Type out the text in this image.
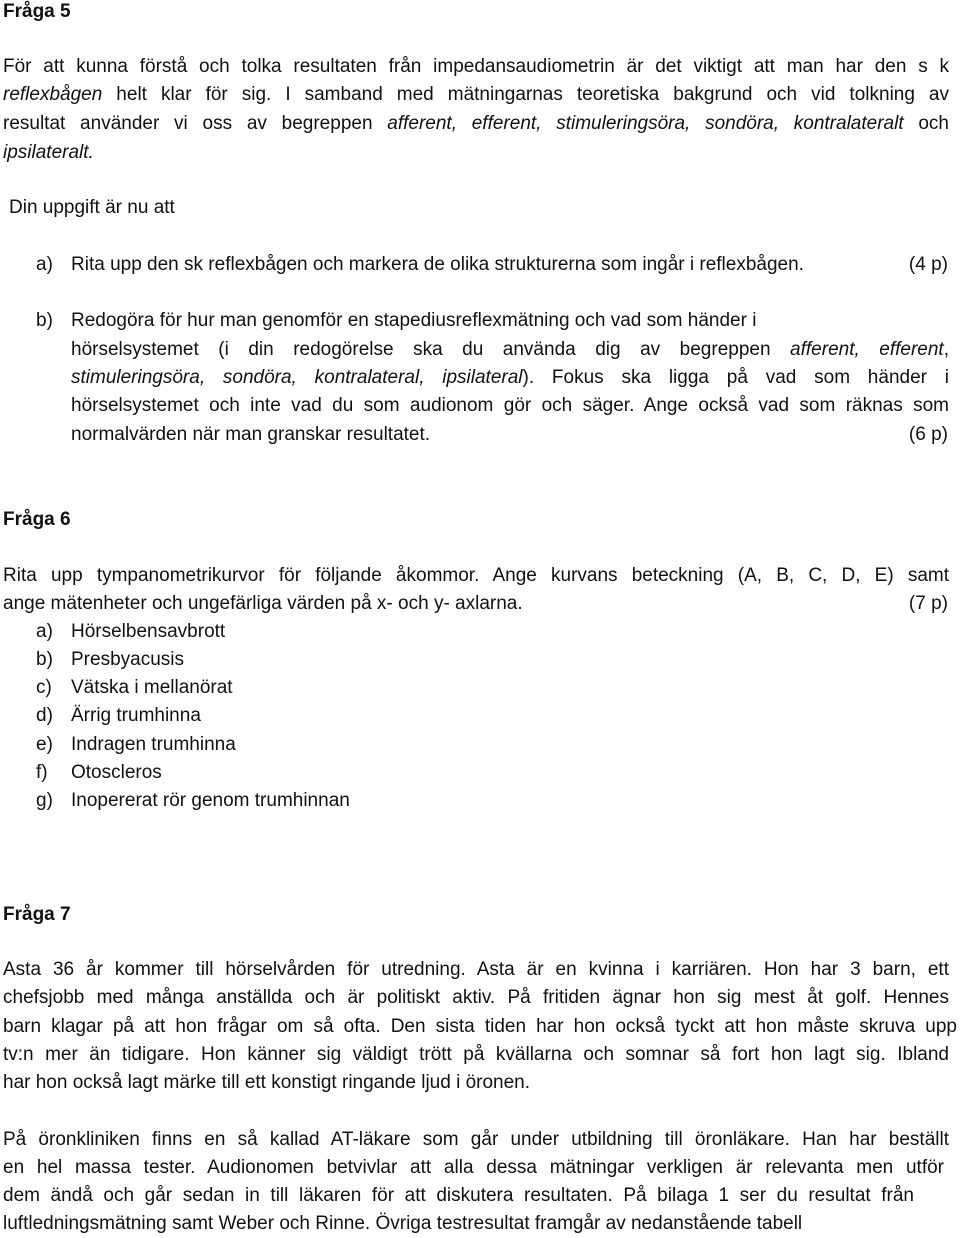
Fråga 5
För att kunna förstå och tolka resultaten från impedansaudiometrin är det viktigt att man har den s k
reflexbågen helt klar för sig. I samband med mätningarnas teoretiska bakgrund och vid tolkning av
resultat använder vi oss av begreppen afferent, efferent, stimuleringsöra, sondöra, kontralateralt och
ipsilateralt.
Din uppgift är nu att
a) Rita upp den sk reflexbågen och markera de olika strukturerna som ingår i reflexbågen.	(4 p)
b) Redogöra för hur man genomför en stapediusreflexmätning och vad som händer i
hörselsystemet (i din redogörelse ska du använda dig av begreppen afferent, efferent,
stimuleringsöra, sondöra, kontralateral, ipsilateral). Fokus ska ligga på vad som händer i
hörselsystemet och inte vad du som audionom gör och säger. Ange också vad som räknas som
normalvärden när man granskar resultatet.	(6 p)
Fråga 6
Rita upp tympanometrikurvor för följande åkommor. Ange kurvans beteckning (A, B, C, D, E) samt
ange mätenheter och ungefärliga värden på x- och y- axlarna.	(7 p)
a) Hörselbensavbrott
b) Presbyacusis
c) Vätska i mellanörat
d) Ärrig trumhinna
e) Indragen trumhinna
f) Otoscleros
g) Inopererat rör genom trumhinnan
Fråga 7
Asta 36 år kommer till hörselvården för utredning. Asta är en kvinna i karriären. Hon har 3 barn, ett
chefsjobb med många anställda och är politiskt aktiv. På fritiden ägnar hon sig mest åt golf. Hennes
barn klagar på att hon frågar om så ofta. Den sista tiden har hon också tyckt att hon måste skruva upp
tv:n mer än tidigare. Hon känner sig väldigt trött på kvällarna och somnar så fort hon lagt sig. Ibland
har hon också lagt märke till ett konstigt ringande ljud i öronen.
På öronkliniken finns en så kallad AT-läkare som går under utbildning till öronläkare. Han har beställt
en hel massa tester. Audionomen betvivlar att alla dessa mätningar verkligen är relevanta men utför
dem ändå och går sedan in till läkaren för att diskutera resultaten. På bilaga 1 ser du resultat från
luftledningsmätning samt Weber och Rinne. Övriga testresultat framgår av nedanstående tabell
